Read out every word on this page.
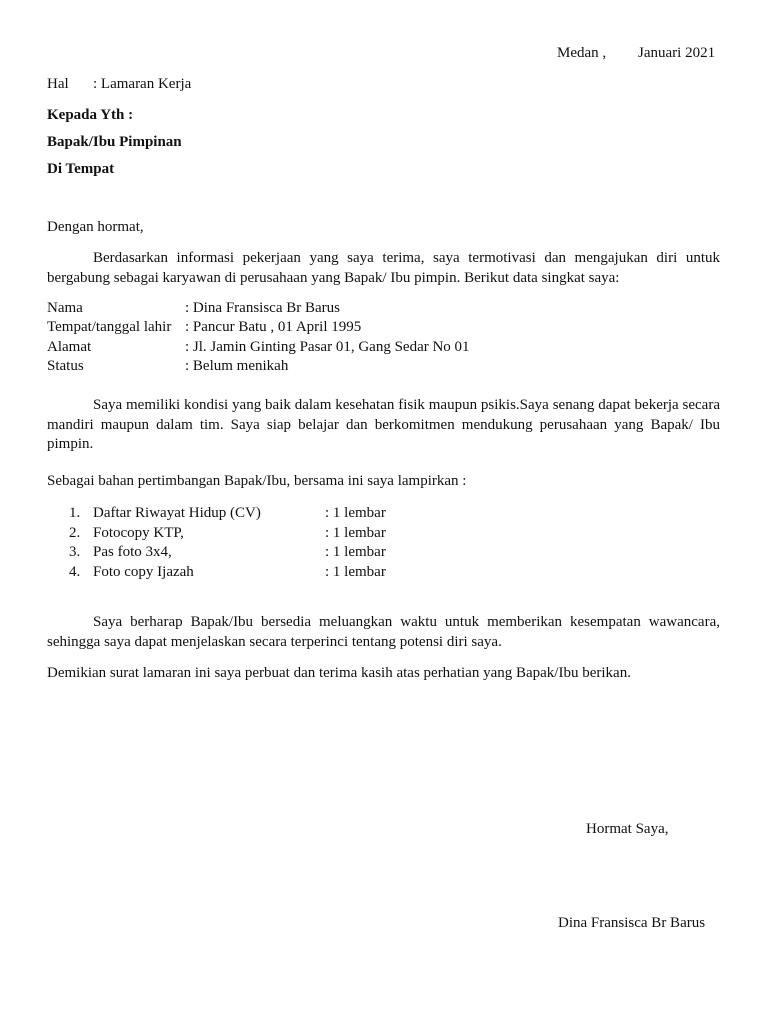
Medan , Januari 2021
Hal : Lamaran Kerja
Kepada Yth :
Bapak/Ibu Pimpinan
Di Tempat
Dengan hormat,
Berdasarkan informasi pekerjaan yang saya terima, saya termotivasi dan mengajukan diri untuk bergabung sebagai karyawan di perusahaan yang Bapak/ Ibu pimpin. Berikut data singkat saya:
Nama	: Dina Fransisca Br Barus
Tempat/tanggal lahir : Pancur Batu , 01 April 1995
Alamat	: Jl. Jamin Ginting Pasar 01, Gang Sedar No 01
Status	: Belum menikah
Saya memiliki kondisi yang baik dalam kesehatan fisik maupun psikis.Saya senang dapat bekerja secara mandiri maupun dalam tim. Saya siap belajar dan berkomitmen mendukung perusahaan yang Bapak/ Ibu pimpin.
Sebagai bahan pertimbangan Bapak/Ibu, bersama ini saya lampirkan :
1. Daftar Riwayat Hidup (CV)	: 1 lembar
2. Fotocopy KTP,	: 1 lembar
3. Pas foto 3x4,	: 1 lembar
4. Foto copy Ijazah	: 1 lembar
Saya berharap Bapak/Ibu bersedia meluangkan waktu untuk memberikan kesempatan wawancara, sehingga saya dapat menjelaskan secara terperinci tentang potensi diri saya.
Demikian surat lamaran ini saya perbuat dan terima kasih atas perhatian yang Bapak/Ibu berikan.
Hormat Saya,
Dina Fransisca Br Barus
